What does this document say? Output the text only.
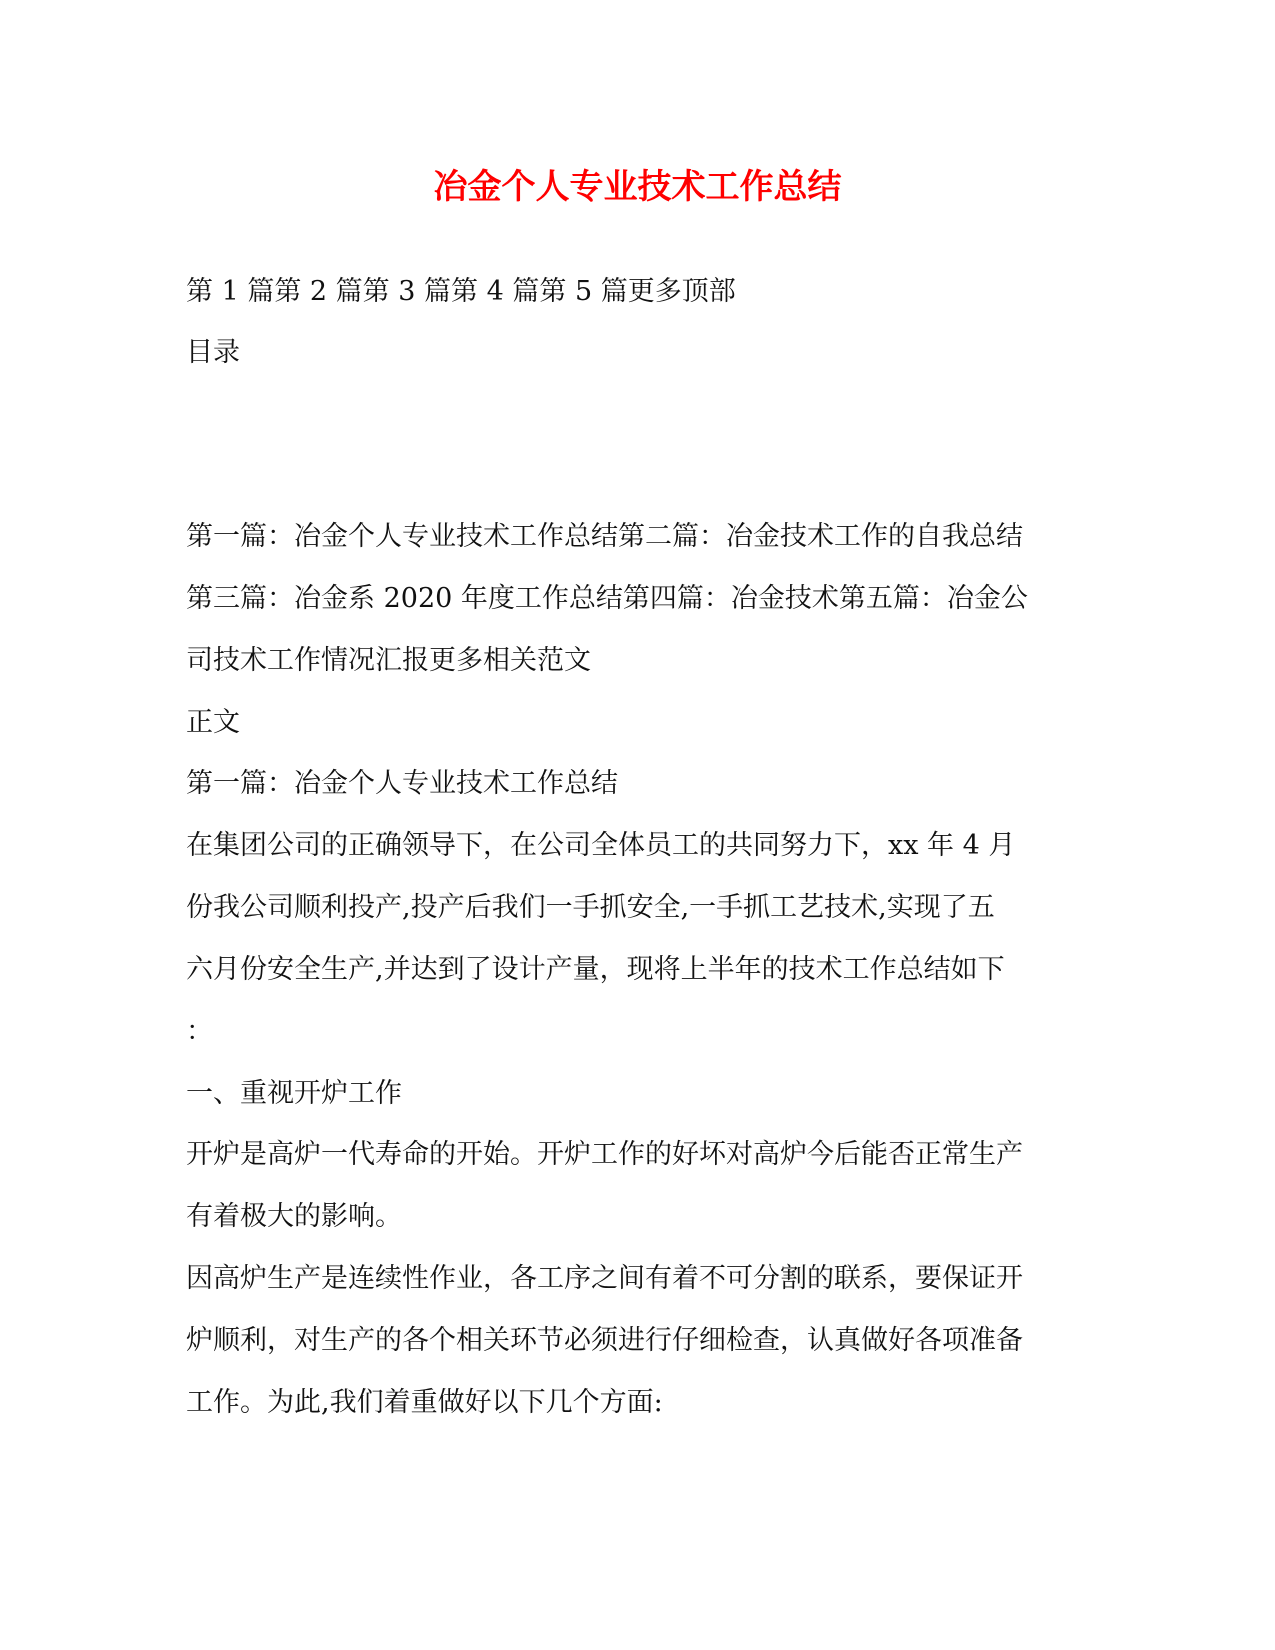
冶金个人专业技术工作总结

第 1 篇第 2 篇第 3 篇第 4 篇第 5 篇更多顶部

目录

第一篇：冶金个人专业技术工作总结第二篇：冶金技术工作的自我总结

第三篇：冶金系 2020 年度工作总结第四篇：冶金技术第五篇：冶金公

司技术工作情况汇报更多相关范文

正文

第一篇：冶金个人专业技术工作总结

在集团公司的正确领导下，在公司全体员工的共同努力下，xx 年 4 月

份我公司顺利投产,投产后我们一手抓安全,一手抓工艺技术,实现了五

六月份安全生产,并达到了设计产量，现将上半年的技术工作总结如下

：

一、重视开炉工作

开炉是高炉一代寿命的开始。开炉工作的好坏对高炉今后能否正常生产

有着极大的影响。

因高炉生产是连续性作业，各工序之间有着不可分割的联系，要保证开

炉顺利，对生产的各个相关环节必须进行仔细检查，认真做好各项准备

工作。为此,我们着重做好以下几个方面:
